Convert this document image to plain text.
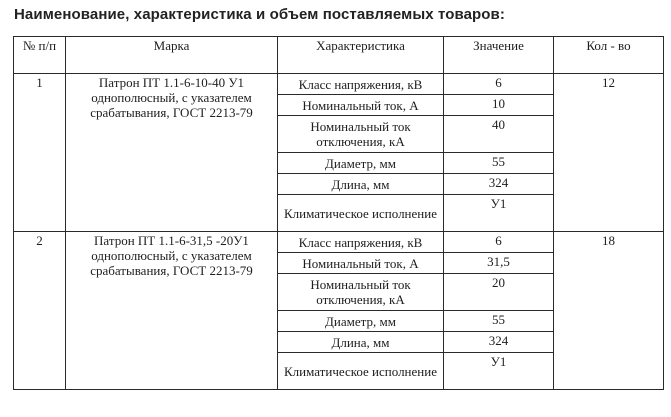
Наименование, характеристика и объем поставляемых товаров:
№ п/п	Марка	Характеристика	Значение	Кол - во
1	Патрон ПТ 1.1-6-10-40 У1 однополюсный, с указателем срабатывания, ГОСТ 2213-79	Класс напряжения, кВ	6	12
		Номинальный ток, А	10	
		Номинальный ток отключения, кА	40	
		Диаметр, мм	55	
		Длина, мм	324	
		Климатическое исполнение	У1	
2	Патрон ПТ 1.1-6-31,5 -20У1 однополюсный, с указателем срабатывания, ГОСТ 2213-79	Класс напряжения, кВ	6	18
		Номинальный ток, А	31,5	
		Номинальный ток отключения, кА	20	
		Диаметр, мм	55	
		Длина, мм	324	
		Климатическое исполнение	У1	
